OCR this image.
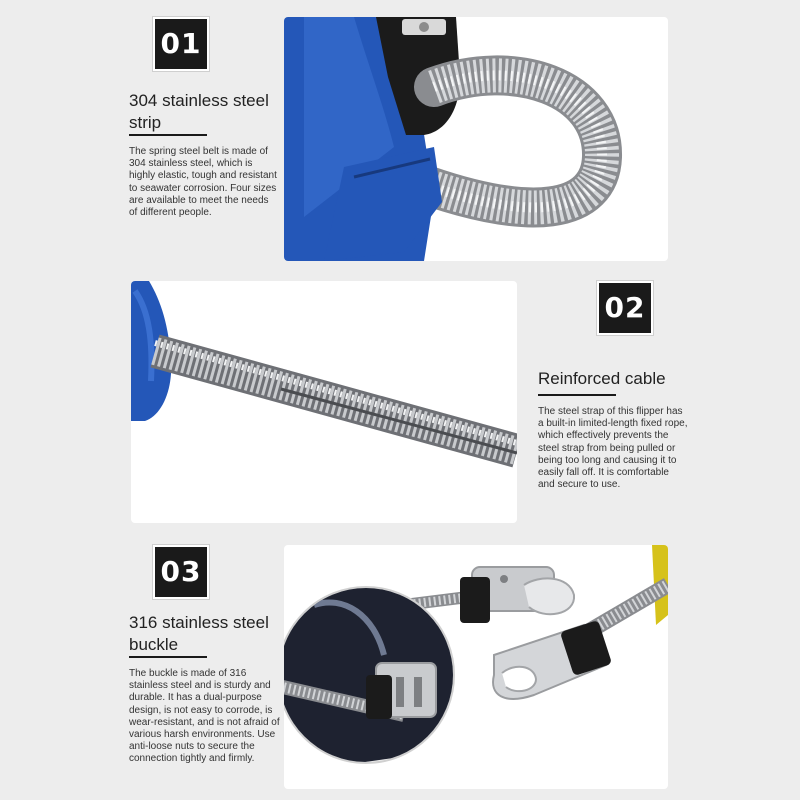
01
304 stainless steel strip
The spring steel belt is made of 304 stainless steel, which is highly elastic, tough and resistant to seawater corrosion. Four sizes are available to meet the needs of different people.
02
Reinforced cable
The steel strap of this flipper has a built-in limited-length fixed rope, which effectively prevents the steel strap from being pulled or being too long and causing it to easily fall off. It is comfortable and secure to use.
03
316 stainless steel buckle
The buckle is made of 316 stainless steel and is sturdy and durable. It has a dual-purpose design, is not easy to corrode, is wear-resistant, and is not afraid of various harsh environments. Use anti-loose nuts to secure the connection tightly and firmly.
